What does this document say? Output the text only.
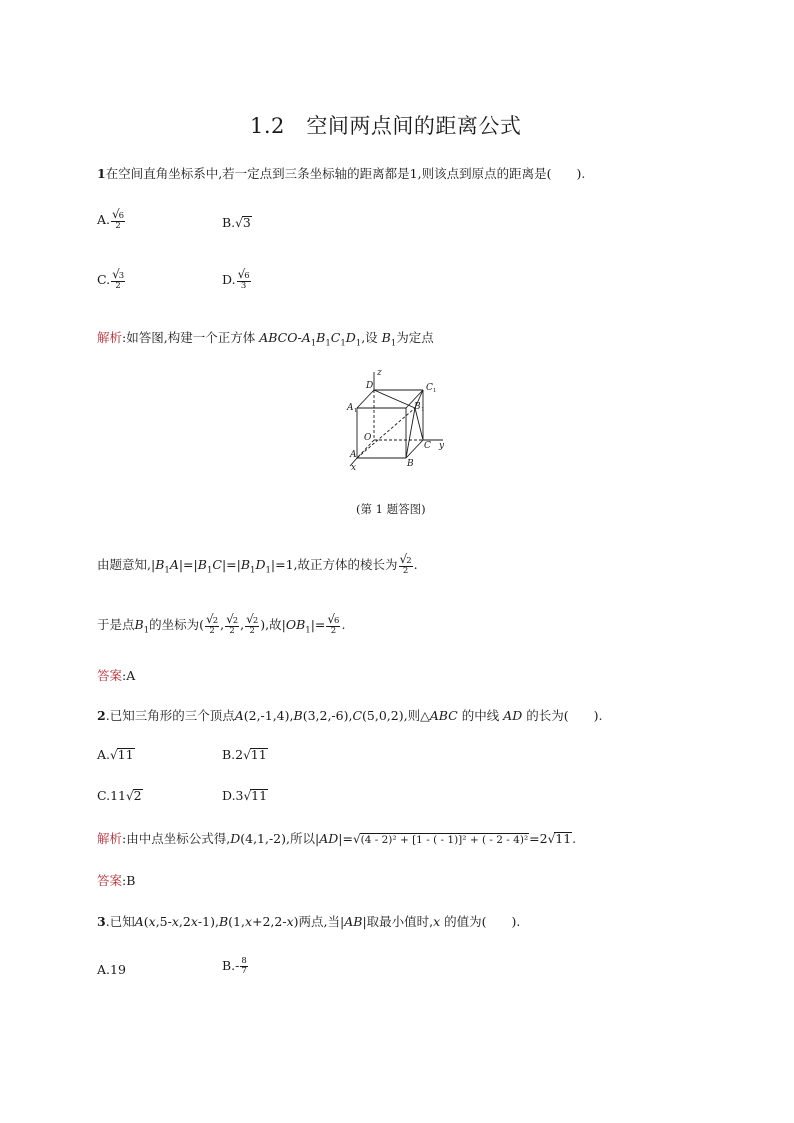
1.2　空间两点间的距离公式
1在空间直角坐标系中,若一定点到三条坐标轴的距离都是1,则该点到原点的距离是(　　).
A. $\frac{√6}{2}$	B.√3
C. $\frac{√3}{2}$	D. $\frac{√6}{3}$
解析:如答图,构建一个正方体 ABCO-$A_1B_1C_1D_1$,设 $B_1$为定点
z
D	C
A	B
O
C y
A
B
x
1
1	1
(第 1 题答图)
由题意知$,|B_1A|=|B_1C|=|B_1D_1|=1$,故正方体的棱长为 $\frac{√2}{2}$ .
于是点$B_1$的坐标为( $\frac{√2}{2}$ , $\frac{√2}{2}$ , $\frac{√2}{2}$ ),故$|OB_1|= \frac{√6}{2}$ .
答案:A
2.已知三角形的三个顶点A(2,-1,4),B(3,2,-6),C(5,0,2),则△ABC 的中线 AD 的长为(　　).
A.√11	B.2√11
C.11√2	D.3√11
解析:由中点坐标公式得,D(4,1,-2),所以|AD|=√(4 - 2)² + [1 - ( - 1)]² + ( - 2 - 4)²=2√11.
答案:B
3.已知A(x,5-x,2x-1),B(1,x+2,2-x)两点,当|AB|取最小值时,x 的值为(　　).
A.19	$B.- \frac{8}{7}$
